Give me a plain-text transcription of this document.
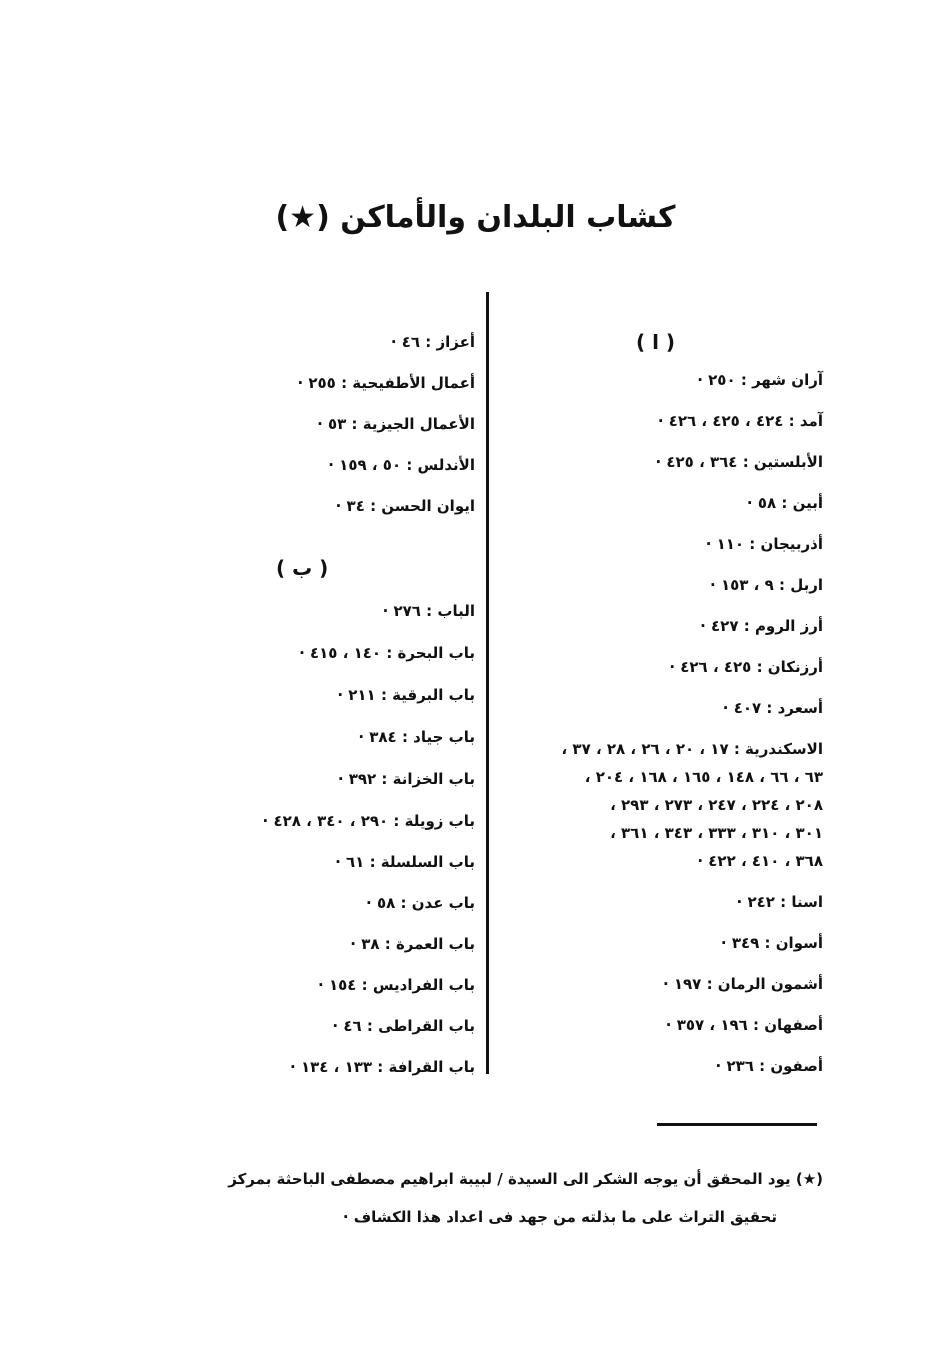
كشاب البلدان والأماكن (★)
( ا )
آران شهر : ٢٥٠ ·
آمد : ٤٢٤ ، ٤٢٥ ، ٤٢٦ ·
الأبلستين : ٣٦٤ ، ٤٢٥ ·
أبين : ٥٨ ·
أذربيجان : ١١٠ ·
اربل : ٩ ، ١٥٣ ·
أرز الروم : ٤٢٧ ·
أرزنكان : ٤٢٥ ، ٤٢٦ ·
أسعرد : ٤٠٧ ·
الاسكندرية : ١٧ ، ٢٠ ، ٢٦ ، ٢٨ ، ٣٧ ،
٦٣ ، ٦٦ ، ١٤٨ ، ١٦٥ ، ١٦٨ ، ٢٠٤ ،
٢٠٨ ، ٢٢٤ ، ٢٤٧ ، ٢٧٣ ، ٢٩٣ ،
٣٠١ ، ٣١٠ ، ٣٣٣ ، ٣٤٣ ، ٣٦١ ،
٣٦٨ ، ٤١٠ ، ٤٢٢ ·
اسنا : ٢٤٢ ·
أسوان : ٣٤٩ ·
أشمون الرمان : ١٩٧ ·
أصفهان : ١٩٦ ، ٣٥٧ ·
أصفون : ٢٣٦ ·
أعزاز : ٤٦ ·
أعمال الأطفيحية : ٢٥٥ ·
الأعمال الجيزية : ٥٣ ·
الأندلس : ٥٠ ، ١٥٩ ·
ايوان الحسن : ٣٤ ·
الباب : ٢٧٦ ·
باب البحرة : ١٤٠ ، ٤١٥ ·
باب البرقية : ٢١١ ·
باب جياد : ٣٨٤ ·
باب الخزانة : ٣٩٢ ·
باب زويلة : ٢٩٠ ، ٣٤٠ ، ٤٢٨ ·
باب السلسلة : ٦١ ·
باب عدن : ٥٨ ·
باب العمرة : ٣٨ ·
باب الفراديس : ١٥٤ ·
باب القراطى : ٤٦ ·
باب القرافة : ١٣٣ ، ١٣٤ ·
( ب )
(★) يود المحقق أن يوجه الشكر الى السيدة / لبيبة ابراهيم مصطفى الباحثة بمركز
تحقيق التراث على ما بذلته من جهد فى اعداد هذا الكشاف ·
